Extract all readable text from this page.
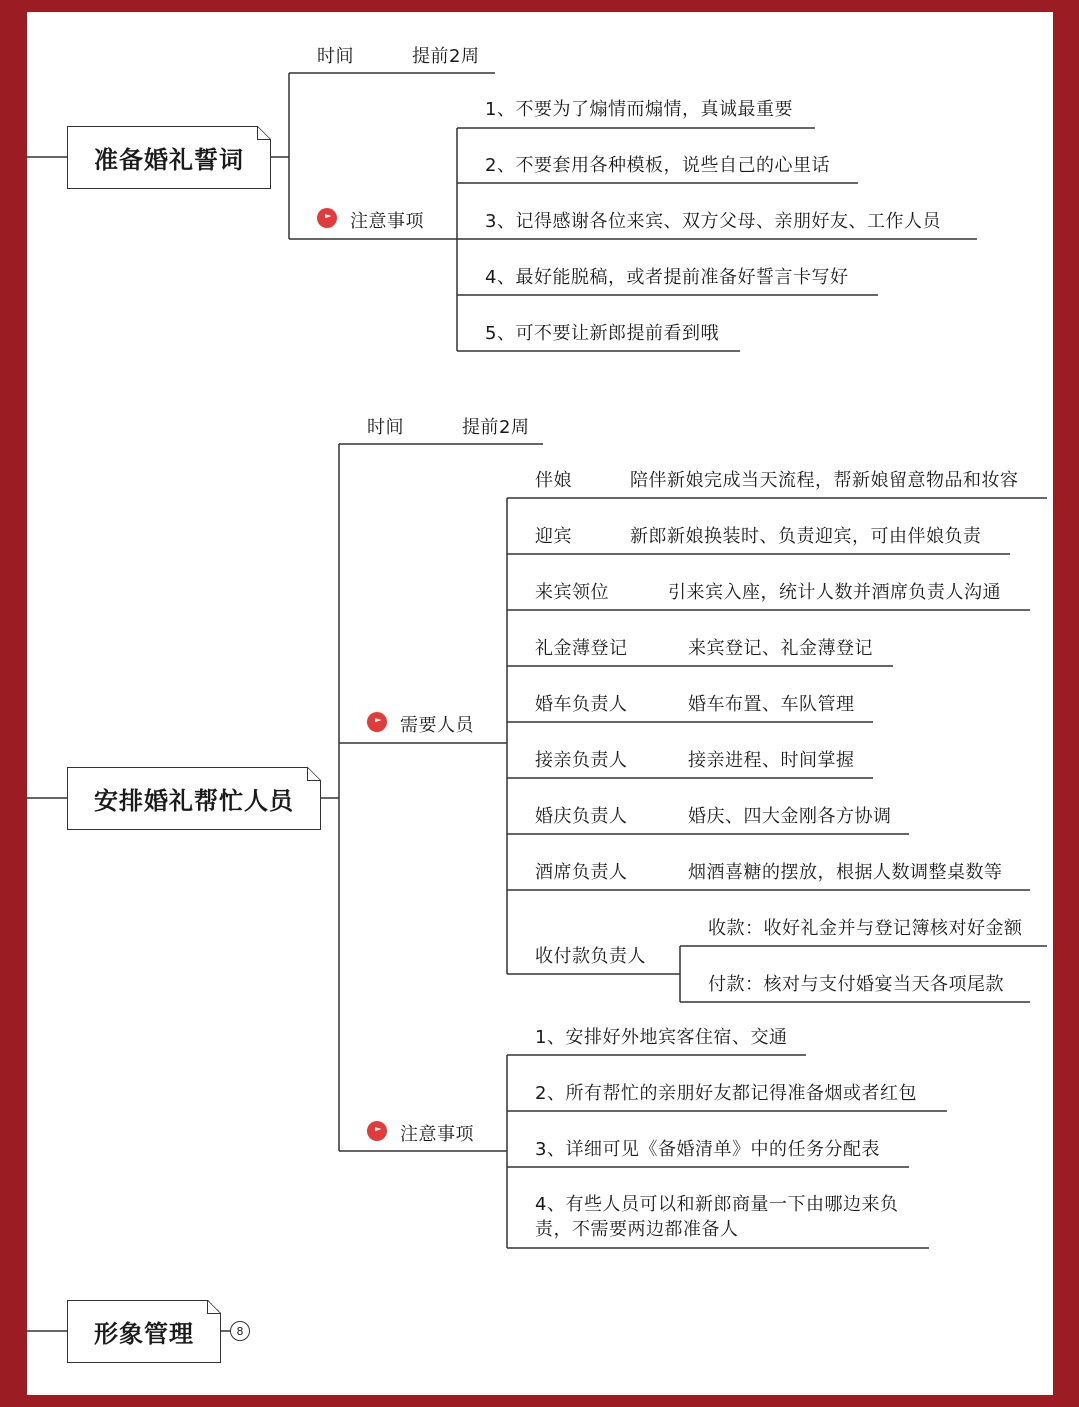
准备婚礼誓词
时间	提前2周
注意事项
1、不要为了煽情而煽情，真诚最重要
2、不要套用各种模板，说些自己的心里话
3、记得感谢各位来宾、双方父母、亲朋好友、工作人员
4、最好能脱稿，或者提前准备好誓言卡写好
5、可不要让新郎提前看到哦
安排婚礼帮忙人员
时间	提前2周
需要人员
伴娘	陪伴新娘完成当天流程，帮新娘留意物品和妆容
迎宾	新郎新娘换装时、负责迎宾，可由伴娘负责
来宾领位	引来宾入座，统计人数并酒席负责人沟通
礼金薄登记	来宾登记、礼金薄登记
婚车负责人	婚车布置、车队管理
接亲负责人	接亲进程、时间掌握
婚庆负责人	婚庆、四大金刚各方协调
酒席负责人	烟酒喜糖的摆放，根据人数调整桌数等
收付款负责人
收款：收好礼金并与登记簿核对好金额
付款：核对与支付婚宴当天各项尾款
注意事项
1、安排好外地宾客住宿、交通
2、所有帮忙的亲朋好友都记得准备烟或者红包
3、详细可见《备婚清单》中的任务分配表
4、有些人员可以和新郎商量一下由哪边来负
责，不需要两边都准备人
形象管理	8
